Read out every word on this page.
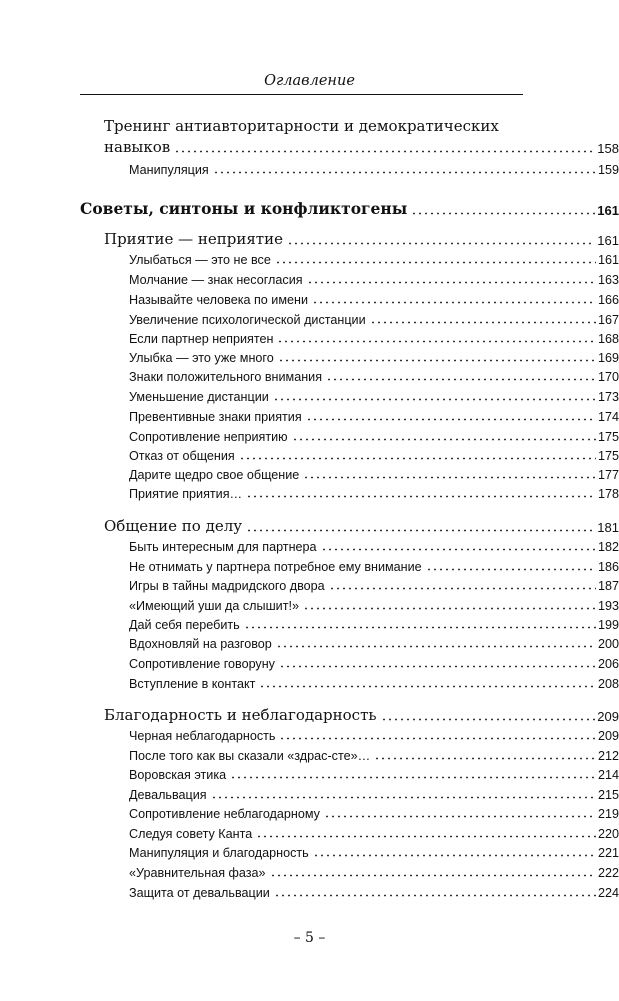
Оглавление
Тренинг антиавторитарности и демократических
навыков	158
Манипуляция	159
Советы, синтоны и конфликтогены	161
Приятие — неприятие	161
Улыбаться — это не все	161
Молчание — знак несогласия	163
Называйте человека по имени	166
Увеличение психологической дистанции	167
Если партнер неприятен	168
Улыбка — это уже много	169
Знаки положительного внимания	170
Уменьшение дистанции	173
Превентивные знаки приятия	174
Сопротивление неприятию	175
Отказ от общения	175
Дарите щедро свое общение	177
Приятие приятия…	178
Общение по делу	181
Быть интересным для партнера	182
Не отнимать у партнера потребное ему внимание	186
Игры в тайны мадридского двора	187
«Имеющий уши да слышит!»	193
Дай себя перебить	199
Вдохновляй на разговор	200
Сопротивление говоруну	206
Вступление в контакт	208
Благодарность и неблагодарность	209
Черная неблагодарность	209
После того как вы сказали «здрас-сте»…	212
Воровская этика	214
Девальвация	215
Сопротивление неблагодарному	219
Следуя совету Канта	220
Манипуляция и благодарность	221
«Уравнительная фаза»	222
Защита от девальвации	224
– 5 –
